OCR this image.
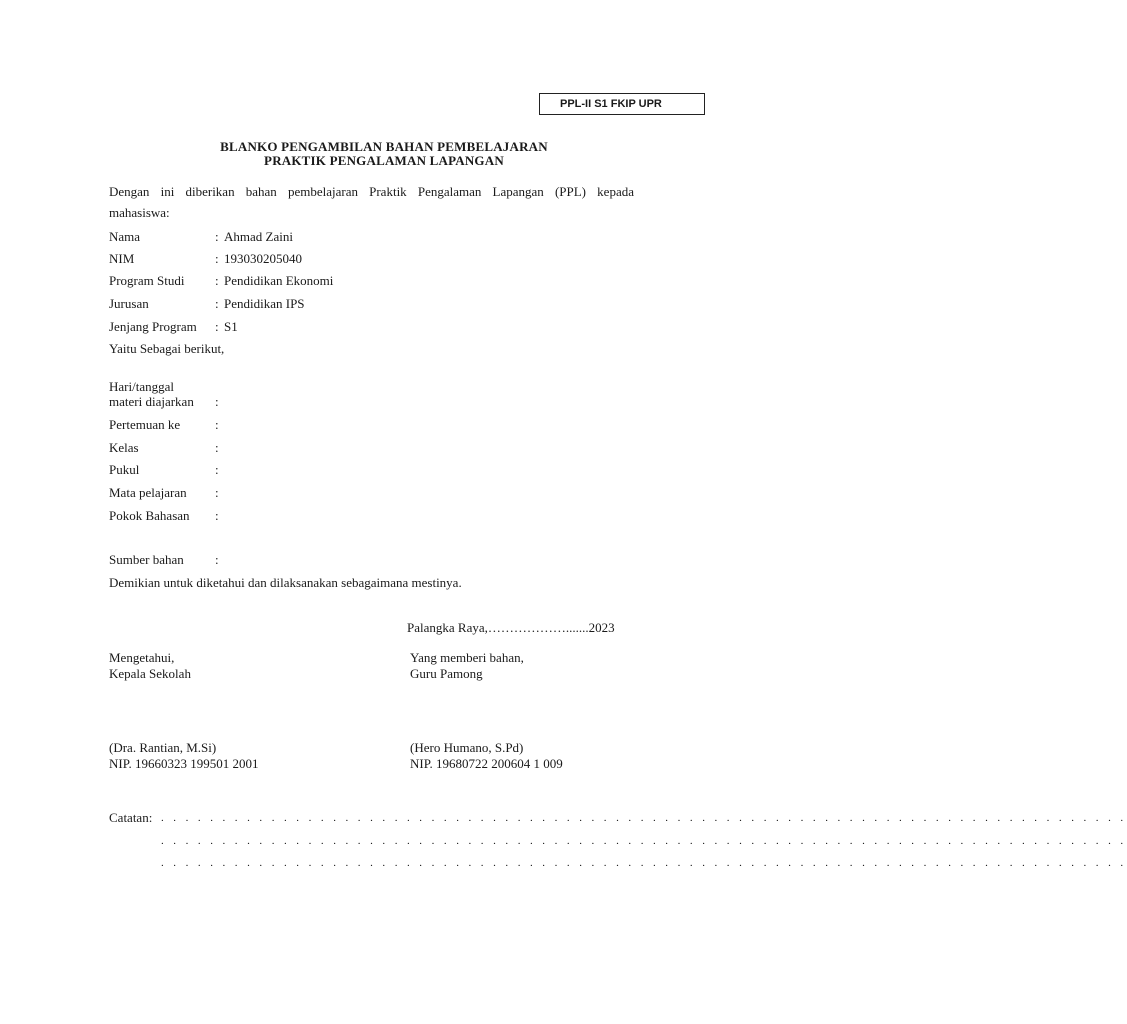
PPL-II S1 FKIP UPR
BLANKO PENGAMBILAN BAHAN PEMBELAJARAN
PRAKTIK PENGALAMAN LAPANGAN
Dengan ini diberikan bahan pembelajaran Praktik Pengalaman Lapangan (PPL) kepada
mahasiswa:
Nama	: Ahmad Zaini
NIM	: 193030205040
Program Studi : Pendidikan Ekonomi
Jurusan	: Pendidikan IPS
Jenjang Program : S1
Yaitu Sebagai berikut,
Hari/tanggal
materi diajarkan :
Pertemuan ke	:
Kelas	:
Pukul	:
Mata pelajaran :
Pokok Bahasan :
Sumber bahan :
Demikian untuk diketahui dan dilaksanakan sebagaimana mestinya.
Palangka Raya,……………….......2023
Mengetahui,
Kepala Sekolah
Yang memberi bahan,
Guru Pamong
(Dra. Rantian, M.Si)
NIP. 19660323 199501 2001
(Hero Humano, S.Pd)
NIP. 19680722 200604 1 009
Catatan: . . . . . . . . . . . . . . . . . . . . . . . . . . . . . . . . . . . . . . . . . . . . . . . . . . . . . . . . . . . . . . . . . . . . . . . . . . . . . . .
. . . . . . . . . . . . . . . . . . . . . . . . . . . . . . . . . . . . . . . . . . . . . . . . . . . . . . . . . . . . . . . . . . . . . . . . . . . . . . .
. . . . . . . . . . . . . . . . . . . . . . . . . . . . . . . . . . . . . . . . . . . . . . . . . . . . . . . . . . . . . . . . . . . . . . . . . . . . . . .
